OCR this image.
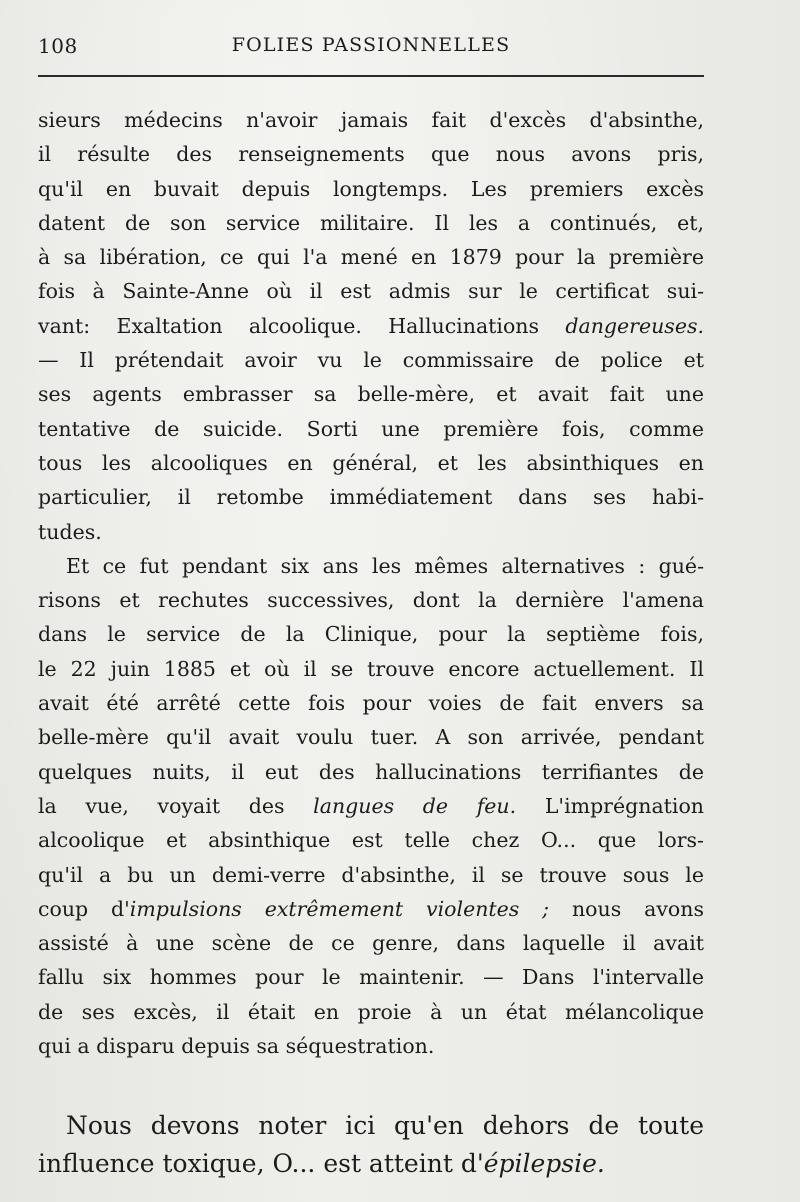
108	FOLIES PASSIONNELLES
sieurs médecins n'avoir jamais fait d'excès d'absinthe,
il résulte des renseignements que nous avons pris,
qu'il en buvait depuis longtemps. Les premiers excès
datent de son service militaire. Il les a continués, et,
à sa libération, ce qui l'a mené en 1879 pour la première
fois à Sainte-Anne où il est admis sur le certificat sui-
vant: Exaltation alcoolique. Hallucinations dangereuses.
— Il prétendait avoir vu le commissaire de police et
ses agents embrasser sa belle-mère, et avait fait une
tentative de suicide. Sorti une première fois, comme
tous les alcooliques en général, et les absinthiques en
particulier, il retombe immédiatement dans ses habi-
tudes.
Et ce fut pendant six ans les mêmes alternatives : gué-
risons et rechutes successives, dont la dernière l'amena
dans le service de la Clinique, pour la septième fois,
le 22 juin 1885 et où il se trouve encore actuellement. Il
avait été arrêté cette fois pour voies de fait envers sa
belle-mère qu'il avait voulu tuer. A son arrivée, pendant
quelques nuits, il eut des hallucinations terrifiantes de
la vue, voyait des langues de feu. L'imprégnation
alcoolique et absinthique est telle chez O... que lors-
qu'il a bu un demi-verre d'absinthe, il se trouve sous le
coup d'impulsions extrêmement violentes ; nous avons
assisté à une scène de ce genre, dans laquelle il avait
fallu six hommes pour le maintenir. — Dans l'intervalle
de ses excès, il était en proie à un état mélancolique
qui a disparu depuis sa séquestration.
Nous devons noter ici qu'en dehors de toute
influence toxique, O... est atteint d'épilepsie.
